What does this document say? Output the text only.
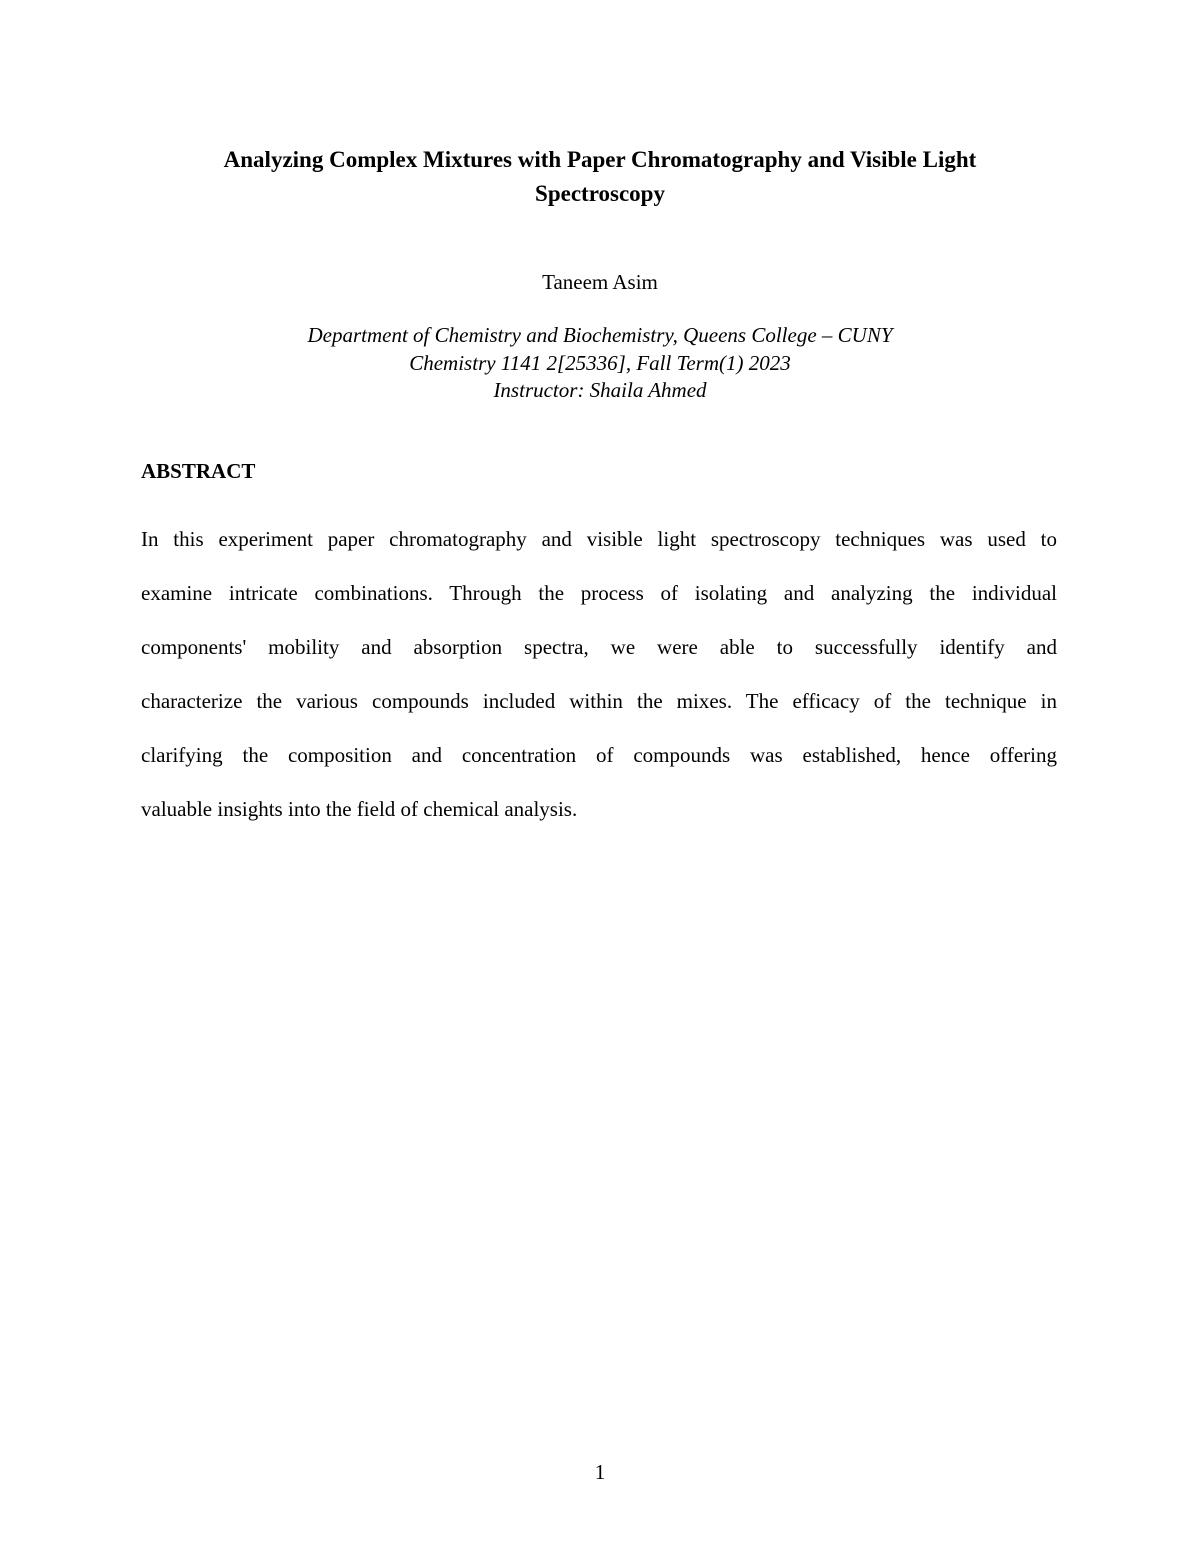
Analyzing Complex Mixtures with Paper Chromatography and Visible Light
Spectroscopy
Taneem Asim
Department of Chemistry and Biochemistry, Queens College – CUNY
Chemistry 1141 2[25336], Fall Term(1) 2023
Instructor: Shaila Ahmed
ABSTRACT
In this experiment paper chromatography and visible light spectroscopy techniques was used to
examine intricate combinations. Through the process of isolating and analyzing the individual
components' mobility and absorption spectra, we were able to successfully identify and
characterize the various compounds included within the mixes. The efficacy of the technique in
clarifying the composition and concentration of compounds was established, hence offering
valuable insights into the field of chemical analysis.
1
